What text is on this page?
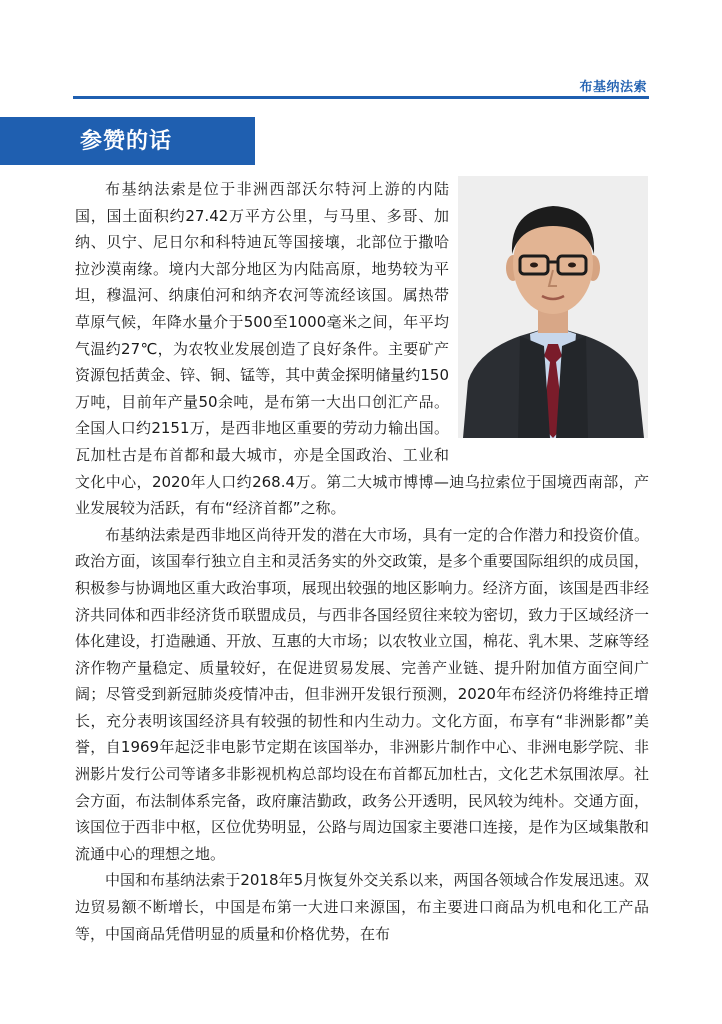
布基纳法索
参赞的话

布基纳法索是位于非洲西部沃尔特河上游的内陆国，国土面积约27.42万平方公里，与马里、多哥、加纳、贝宁、尼日尔和科特迪瓦等国接壤，北部位于撒哈拉沙漠南缘。境内大部分地区为内陆高原，地势较为平坦，穆温河、纳康伯河和纳齐农河等流经该国。属热带草原气候，年降水量介于500至1000毫米之间，年平均气温约27℃，为农牧业发展创造了良好条件。主要矿产资源包括黄金、锌、铜、锰等，其中黄金探明储量约150万吨，目前年产量50余吨，是布第一大出口创汇产品。全国人口约2151万，是西非地区重要的劳动力输出国。瓦加杜古是布首都和最大城市，亦是全国政治、工业和文化中心，2020年人口约268.4万。第二大城市博博—迪乌拉索位于国境西南部，产业发展较为活跃，有布“经济首都”之称。

布基纳法索是西非地区尚待开发的潜在大市场，具有一定的合作潜力和投资价值。政治方面，该国奉行独立自主和灵活务实的外交政策，是多个重要国际组织的成员国，积极参与协调地区重大政治事项，展现出较强的地区影响力。经济方面，该国是西非经济共同体和西非经济货币联盟成员，与西非各国经贸往来较为密切，致力于区域经济一体化建设，打造融通、开放、互惠的大市场；以农牧业立国，棉花、乳木果、芝麻等经济作物产量稳定、质量较好，在促进贸易发展、完善产业链、提升附加值方面空间广阔；尽管受到新冠肺炎疫情冲击，但非洲开发银行预测，2020年布经济仍将维持正增长，充分表明该国经济具有较强的韧性和内生动力。文化方面，布享有“非洲影都”美誉，自1969年起泛非电影节定期在该国举办，非洲影片制作中心、非洲电影学院、非洲影片发行公司等诸多非影视机构总部均设在布首都瓦加杜古，文化艺术氛围浓厚。社会方面，布法制体系完备，政府廉洁勤政，政务公开透明，民风较为纯朴。交通方面，该国位于西非中枢，区位优势明显，公路与周边国家主要港口连接，是作为区域集散和流通中心的理想之地。

中国和布基纳法索于2018年5月恢复外交关系以来，两国各领域合作发展迅速。双边贸易额不断增长，中国是布第一大进口来源国，布主要进口商品为机电和化工产品等，中国商品凭借明显的质量和价格优势，在布
